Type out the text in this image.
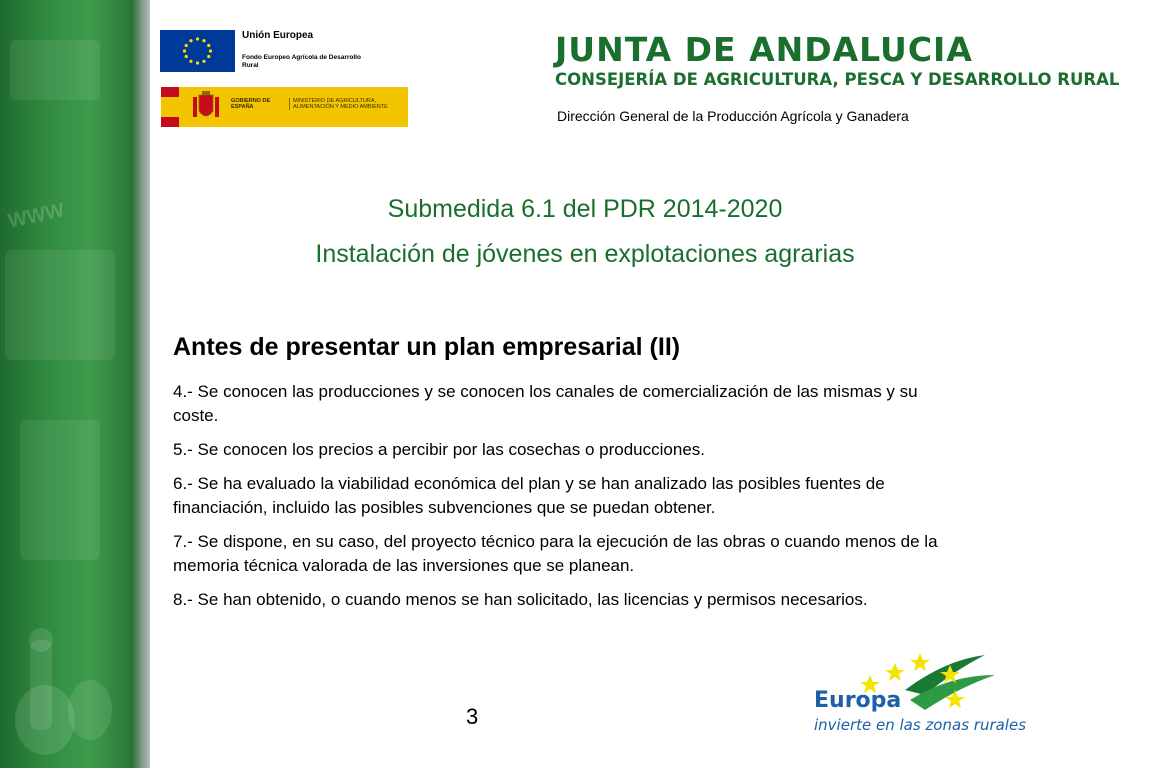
WWW
Unión Europea
Fondo Europeo Agrícola de Desarrollo Rural
GOBIERNO DE ESPAÑA
MINISTERIO DE AGRICULTURA, ALIMENTACIÓN Y MEDIO AMBIENTE
JUNTA DE ANDALUCIA
CONSEJERÍA DE AGRICULTURA, PESCA Y DESARROLLO RURAL
Dirección General de la Producción Agrícola y Ganadera
Submedida 6.1 del PDR 2014-2020
Instalación de jóvenes en explotaciones agrarias
Antes de presentar un plan empresarial (II)
4.- Se conocen las producciones y se conocen los canales de comercialización de las mismas y su coste.
5.- Se conocen los precios a percibir por las cosechas o producciones.
6.- Se ha evaluado la viabilidad económica del plan y se han analizado las posibles fuentes de financiación, incluido las posibles subvenciones que se puedan obtener.
7.- Se dispone, en su caso, del proyecto técnico para la ejecución de las obras o cuando menos de la memoria técnica valorada de las inversiones que se planean.
8.- Se han obtenido, o cuando menos se han solicitado, las licencias y permisos necesarios.
3
Europa
invierte en las zonas rurales
